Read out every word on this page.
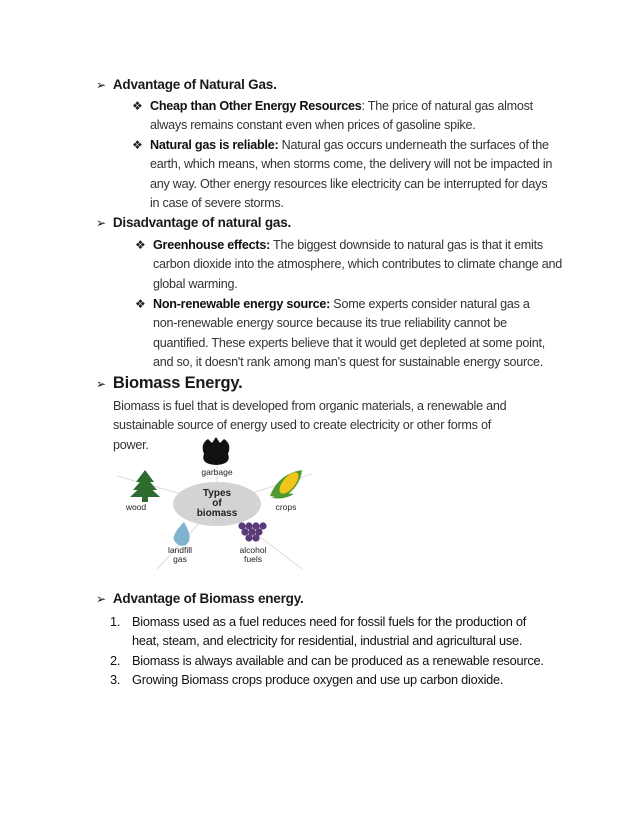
➢ Advantage of Natural Gas.
❖ Cheap than Other Energy Resources: The price of natural gas almost always remains constant even when prices of gasoline spike.
❖ Natural gas is reliable: Natural gas occurs underneath the surfaces of the earth, which means, when storms come, the delivery will not be impacted in any way. Other energy resources like electricity can be interrupted for days in case of severe storms.
➢ Disadvantage of natural gas.
❖ Greenhouse effects: The biggest downside to natural gas is that it emits carbon dioxide into the atmosphere, which contributes to climate change and global warming.
❖ Non-renewable energy source: Some experts consider natural gas a non-renewable energy source because its true reliability cannot be quantified. These experts believe that it would get depleted at some point, and so, it doesn't rank among man's quest for sustainable energy source.
➢ Biomass Energy.
Biomass is fuel that is developed from organic materials, a renewable and sustainable source of energy used to create electricity or other forms of power.
Types
of
biomass
garbage
crops
alcohol
fuels
landfill
gas
wood
➢ Advantage of Biomass energy.
1. Biomass used as a fuel reduces need for fossil fuels for the production of heat, steam, and electricity for residential, industrial and agricultural use.
2. Biomass is always available and can be produced as a renewable resource.
3. Growing Biomass crops produce oxygen and use up carbon dioxide.
